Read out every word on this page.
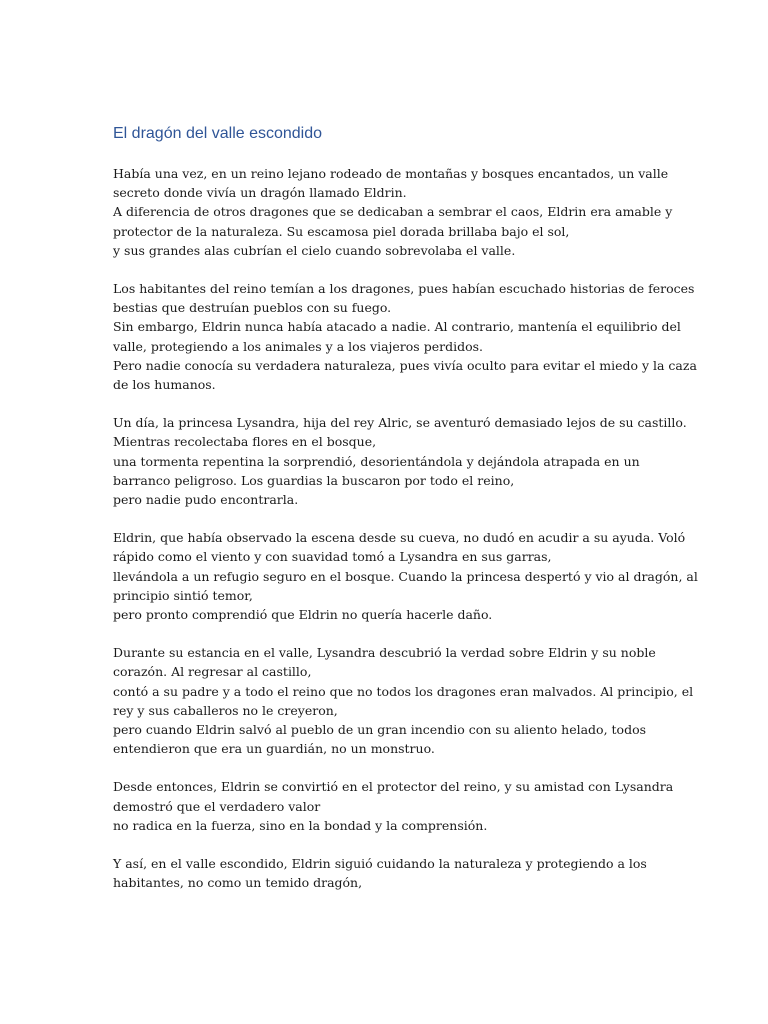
El dragón del valle escondido
Había una vez, en un reino lejano rodeado de montañas y bosques encantados, un valle
secreto donde vivía un dragón llamado Eldrin.
A diferencia de otros dragones que se dedicaban a sembrar el caos, Eldrin era amable y
protector de la naturaleza. Su escamosa piel dorada brillaba bajo el sol,
y sus grandes alas cubrían el cielo cuando sobrevolaba el valle.
Los habitantes del reino temían a los dragones, pues habían escuchado historias de feroces
bestias que destruían pueblos con su fuego.
Sin embargo, Eldrin nunca había atacado a nadie. Al contrario, mantenía el equilibrio del
valle, protegiendo a los animales y a los viajeros perdidos.
Pero nadie conocía su verdadera naturaleza, pues vivía oculto para evitar el miedo y la caza
de los humanos.
Un día, la princesa Lysandra, hija del rey Alric, se aventuró demasiado lejos de su castillo.
Mientras recolectaba flores en el bosque,
una tormenta repentina la sorprendió, desorientándola y dejándola atrapada en un
barranco peligroso. Los guardias la buscaron por todo el reino,
pero nadie pudo encontrarla.
Eldrin, que había observado la escena desde su cueva, no dudó en acudir a su ayuda. Voló
rápido como el viento y con suavidad tomó a Lysandra en sus garras,
llevándola a un refugio seguro en el bosque. Cuando la princesa despertó y vio al dragón, al
principio sintió temor,
pero pronto comprendió que Eldrin no quería hacerle daño.
Durante su estancia en el valle, Lysandra descubrió la verdad sobre Eldrin y su noble
corazón. Al regresar al castillo,
contó a su padre y a todo el reino que no todos los dragones eran malvados. Al principio, el
rey y sus caballeros no le creyeron,
pero cuando Eldrin salvó al pueblo de un gran incendio con su aliento helado, todos
entendieron que era un guardián, no un monstruo.
Desde entonces, Eldrin se convirtió en el protector del reino, y su amistad con Lysandra
demostró que el verdadero valor
no radica en la fuerza, sino en la bondad y la comprensión.
Y así, en el valle escondido, Eldrin siguió cuidando la naturaleza y protegiendo a los
habitantes, no como un temido dragón,
